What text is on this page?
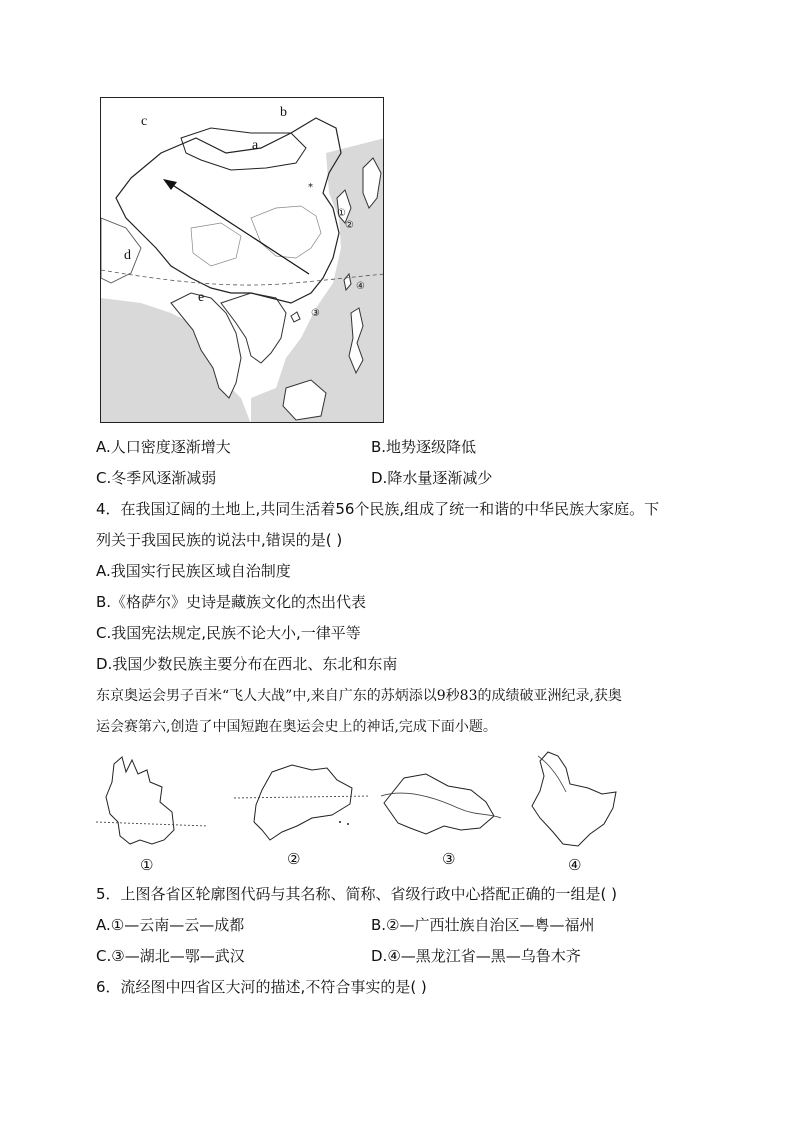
*
c
b
a
d
e
①
②
③
④
A.人口密度逐渐增大	B.地势逐级降低
C.冬季风逐渐减弱	D.降水量逐渐减少
4．在我国辽阔的土地上,共同生活着56个民族,组成了统一和谐的中华民族大家庭。下
列关于我国民族的说法中,错误的是( )
A.我国实行民族区域自治制度
B.《格萨尔》史诗是藏族文化的杰出代表
C.我国宪法规定,民族不论大小,一律平等
D.我国少数民族主要分布在西北、东北和东南
东京奥运会男子百米“飞人大战”中,来自广东的苏炳添以9秒83的成绩破亚洲纪录,获奥
运会赛第六,创造了中国短跑在奥运会史上的神话,完成下面小题。
①	②	③	④
5．上图各省区轮廓图代码与其名称、简称、省级行政中心搭配正确的一组是( )
A.①—云南—云—成都	B.②—广西壮族自治区—粤—福州
C.③—湖北—鄂—武汉	D.④—黑龙江省—黑—乌鲁木齐
6．流经图中四省区大河的描述,不符合事实的是( )
